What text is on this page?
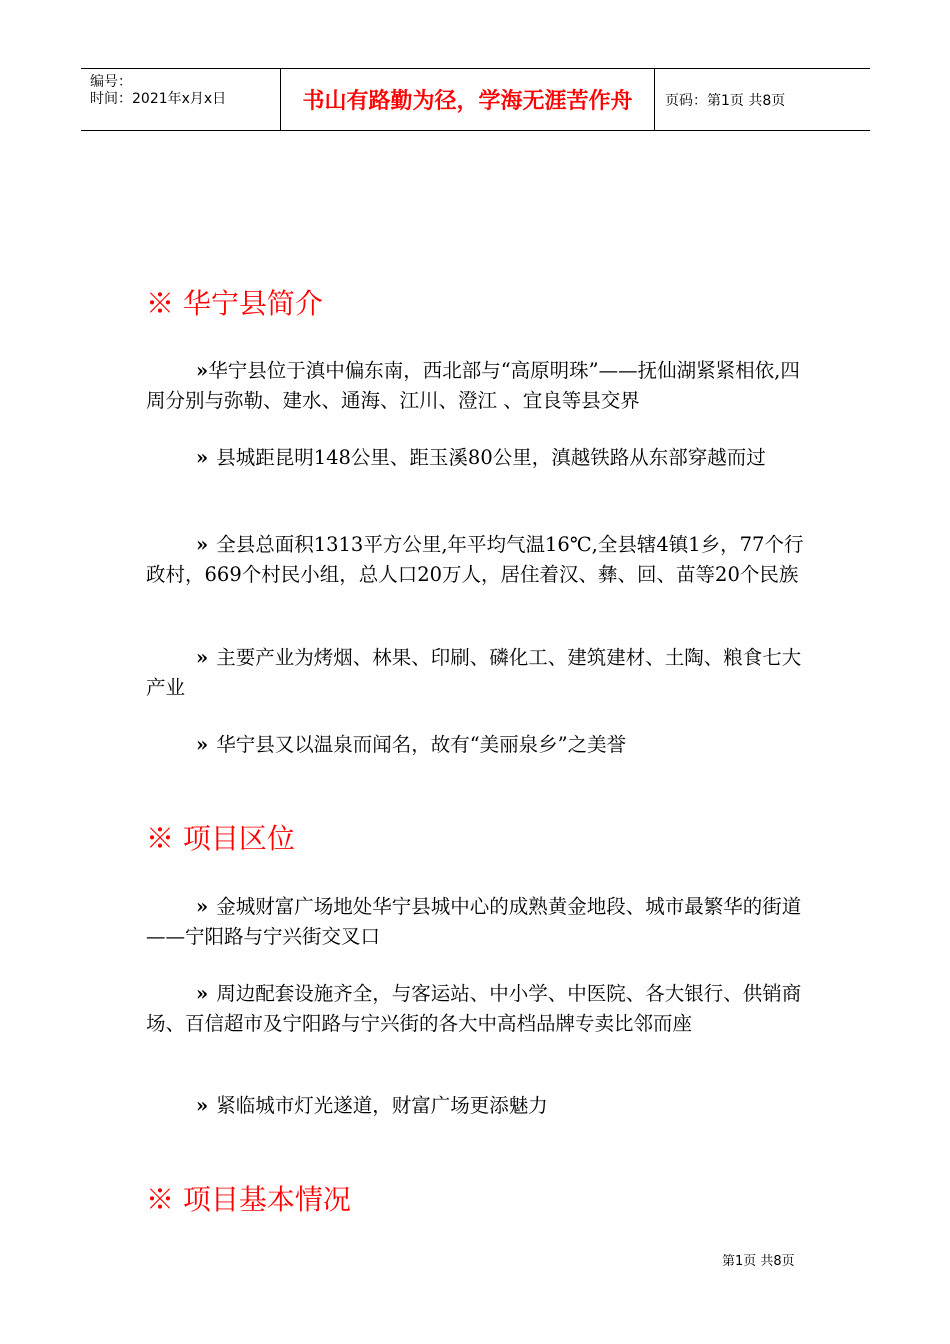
编号：
时间：2021年x月x日	书山有路勤为径，学海无涯苦作舟	页码：第1页 共8页
※ 华宁县简介
»华宁县位于滇中偏东南，西北部与“高原明珠”——抚仙湖紧紧相依,四周分别与弥勒、建水、通海、江川、澄江 、宜良等县交界
» 县城距昆明148公里、距玉溪80公里，滇越铁路从东部穿越而过
» 全县总面积1313平方公里,年平均气温16℃,全县辖4镇1乡，77个行政村，669个村民小组，总人口20万人，居住着汉、彝、回、苗等20个民族
» 主要产业为烤烟、林果、印刷、磷化工、建筑建材、土陶、粮食七大产业
» 华宁县又以温泉而闻名，故有“美丽泉乡”之美誉
※ 项目区位
» 金城财富广场地处华宁县城中心的成熟黄金地段、城市最繁华的街道——宁阳路与宁兴街交叉口
» 周边配套设施齐全，与客运站、中小学、中医院、各大银行、供销商场、百信超市及宁阳路与宁兴街的各大中高档品牌专卖比邻而座
» 紧临城市灯光遂道，财富广场更添魅力
※ 项目基本情况
第1页 共8页
